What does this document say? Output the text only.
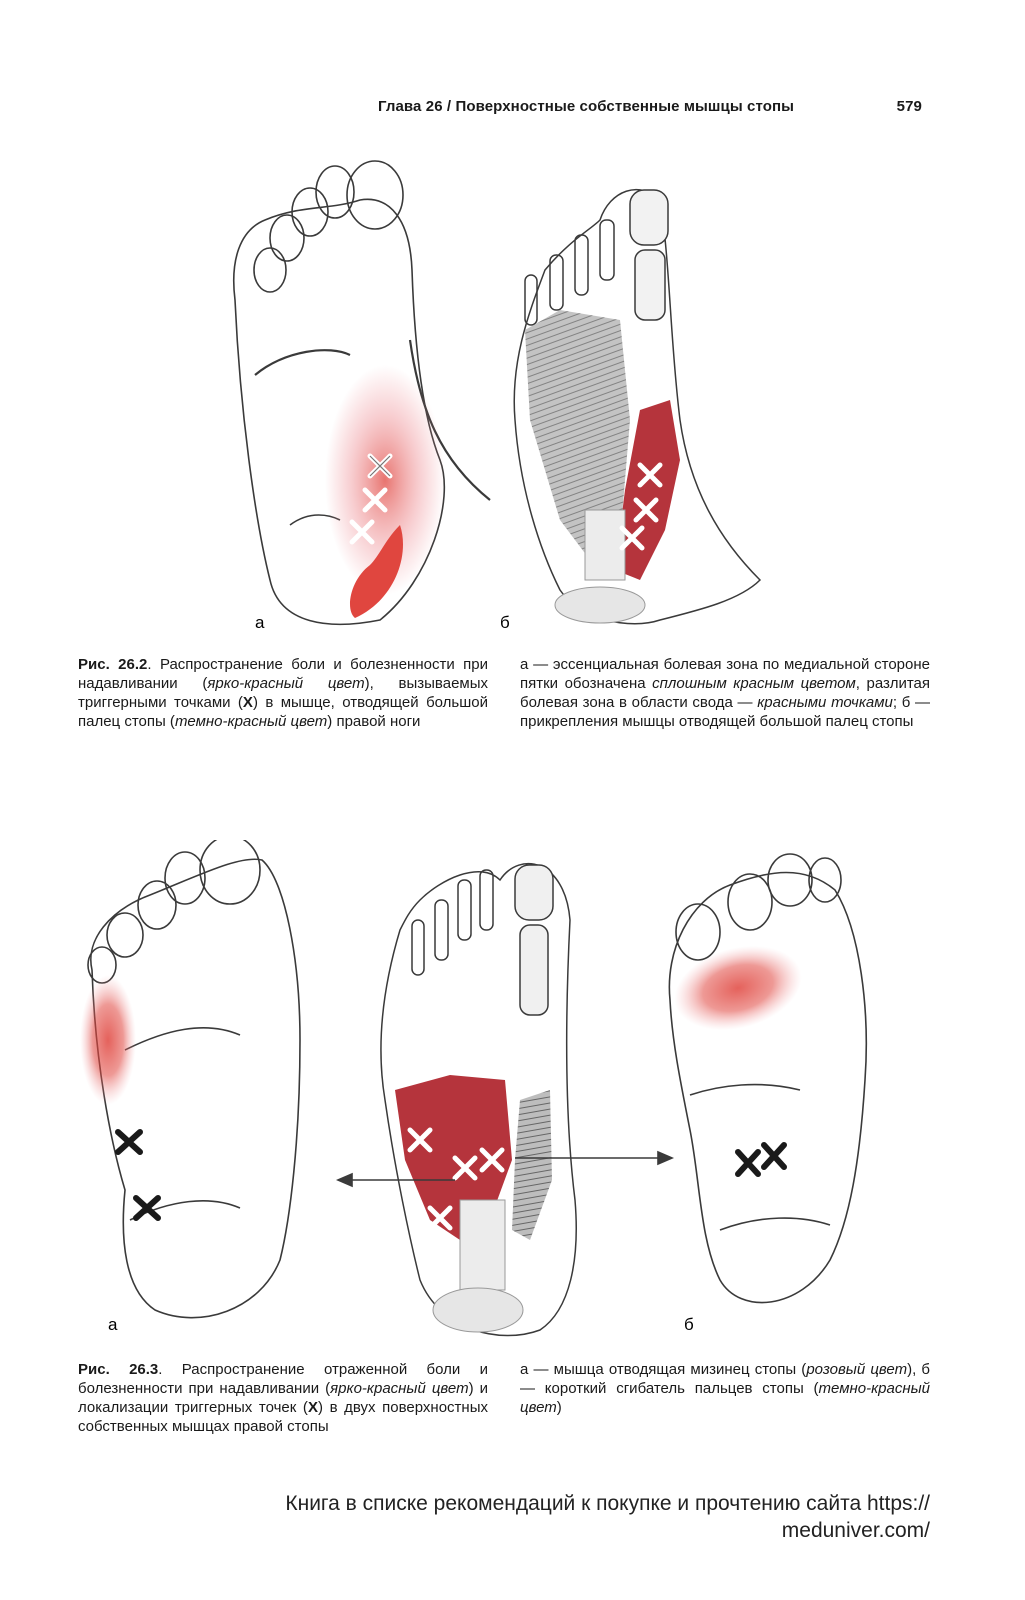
Глава 26 / Поверхностные собственные мышцы стопы	579
а	б
Рис. 26.2. Распространение боли и болезненности при надавливании (ярко-красный цвет), вызываемых триггерными точками (X) в мышце, отводящей большой палец стопы (темно-красный цвет) правой ноги
а — эссенциальная болевая зона по медиальной стороне пятки обозначена сплошным красным цветом, разлитая болевая зона в области свода — красными точками; б — прикрепления мышцы отводящей большой палец стопы
а	б
Рис. 26.3. Распространение отраженной боли и болезненности при надавливании (ярко-красный цвет) и локализации триггерных точек (X) в двух поверхностных собственных мышцах правой стопы
а — мышца отводящая мизинец стопы (розовый цвет), б — короткий сгибатель пальцев стопы (темно-красный цвет)
Книга в списке рекомендаций к покупке и прочтению сайта https://
meduniver.com/
